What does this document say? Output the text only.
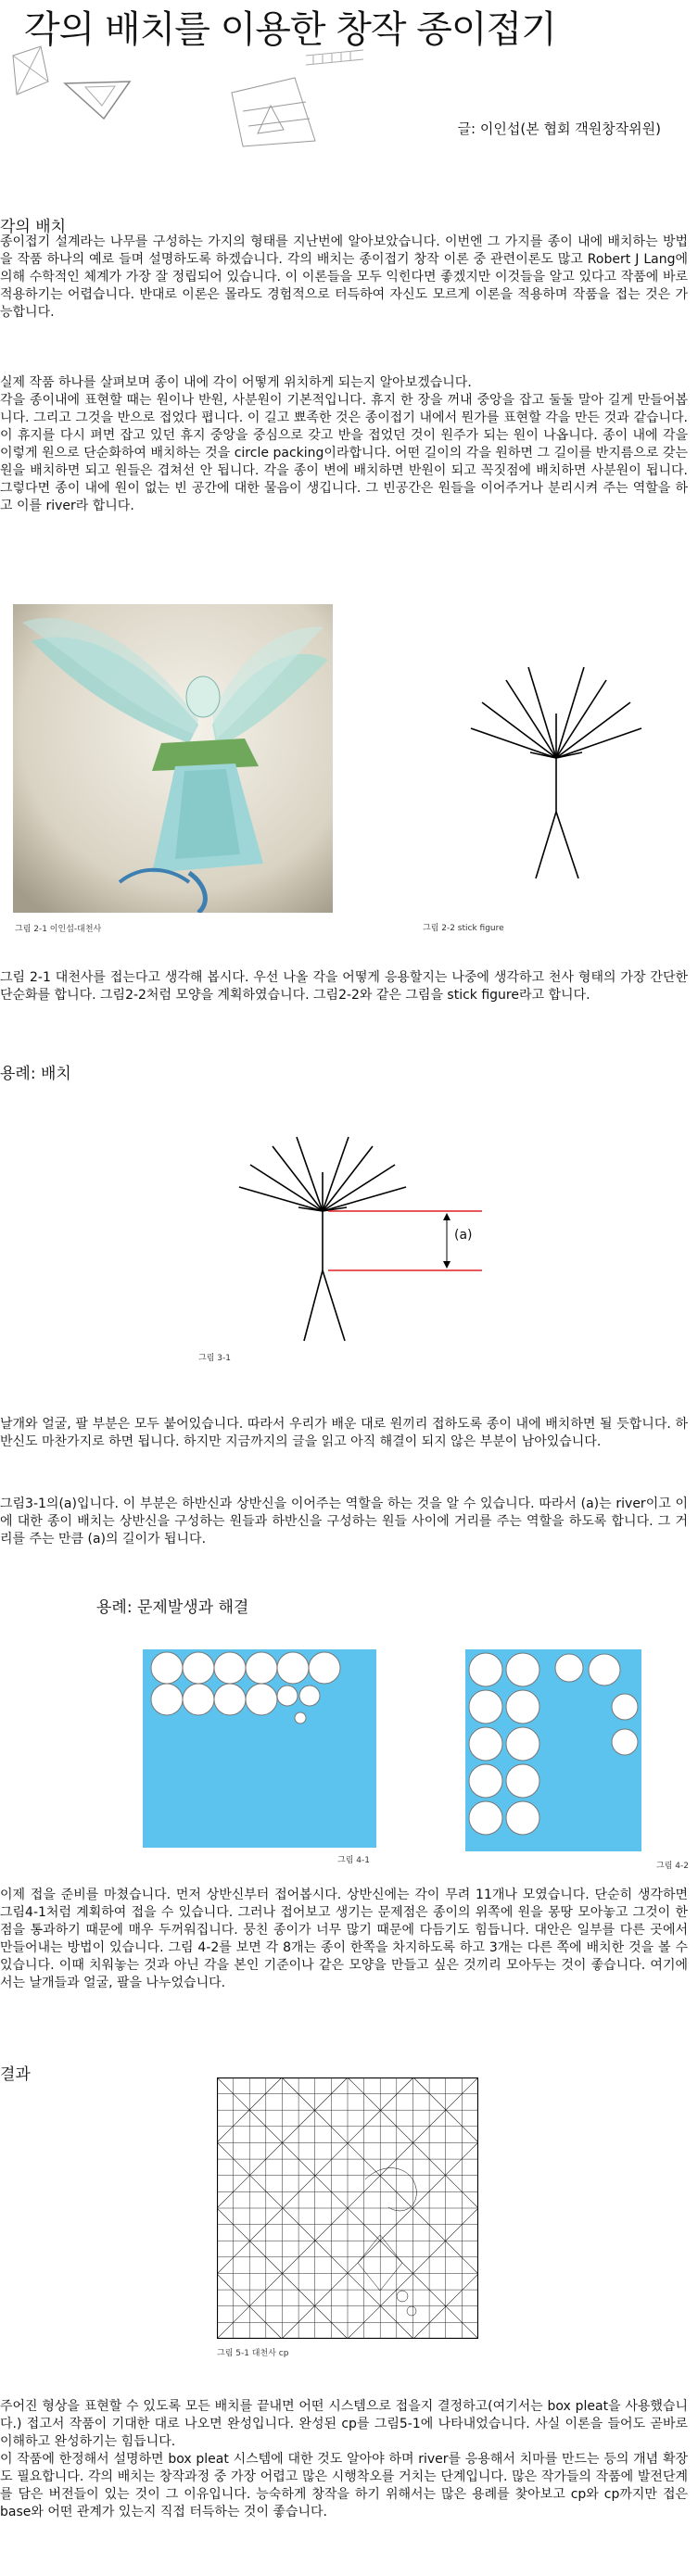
각의 배치를 이용한 창작 종이접기
글: 이인섭(본 협회 객원창작위원)
각의 배치

종이접기 설계라는 나무를 구성하는 가지의 형태를 지난번에 알아보았습니다. 이번엔 그 가지를 종이 내에 배치하는 방법을 작품 하나의 예로 들며 설명하도록 하겠습니다. 각의 배치는 종이접기 창작 이론 중 관련이론도 많고 Robert J Lang에 의해 수학적인 체계가 가장 잘 정립되어 있습니다. 이 이론들을 모두 익힌다면 좋겠지만 이것들을 알고 있다고 작품에 바로 적용하기는 어렵습니다. 반대로 이론은 몰라도 경험적으로 터득하여 자신도 모르게 이론을 적용하며 작품을 접는 것은 가능합니다.

실제 작품 하나를 살펴보며 종이 내에 각이 어떻게 위치하게 되는지 알아보겠습니다.

각을 종이내에 표현할 때는 원이나 반원, 사분원이 기본적입니다. 휴지 한 장을 꺼내 중앙을 잡고 둘둘 말아 길게 만들어봅니다. 그리고 그것을 반으로 접었다 폅니다. 이 길고 뾰족한 것은 종이접기 내에서 뭔가를 표현할 각을 만든 것과 같습니다. 이 휴지를 다시 펴면 잡고 있던 휴지 중앙을 중심으로 갖고 반을 접었던 것이 원주가 되는 원이 나옵니다. 종이 내에 각을 이렇게 원으로 단순화하여 배치하는 것을 circle packing이라합니다. 어떤 길이의 각을 원하면 그 길이를 반지름으로 갖는 원을 배치하면 되고 원들은 겹쳐선 안 됩니다. 각을 종이 변에 배치하면 반원이 되고 꼭짓점에 배치하면 사분원이 됩니다. 그렇다면 종이 내에 원이 없는 빈 공간에 대한 물음이 생깁니다. 그 빈공간은 원들을 이어주거나 분리시켜 주는 역할을 하고 이를 river라 합니다.

그림 2-1 이인섭-대천사	그림 2-2 stick figure

그림 2-1 대천사를 접는다고 생각해 봅시다. 우선 나올 각을 어떻게 응용할지는 나중에 생각하고 천사 형태의 가장 간단한 단순화를 합니다. 그림2-2처럼 모양을 계획하였습니다. 그림2-2와 같은 그림을 stick figure라고 합니다.

용례: 배치
(a)
그림 3-1

날개와 얼굴, 팔 부분은 모두 붙어있습니다. 따라서 우리가 배운 대로 원끼리 접하도록 종이 내에 배치하면 될 듯합니다. 하반신도 마찬가지로 하면 됩니다. 하지만 지금까지의 글을 읽고 아직 해결이 되지 않은 부분이 남아있습니다.

그림3-1의(a)입니다. 이 부분은 하반신과 상반신을 이어주는 역할을 하는 것을 알 수 있습니다. 따라서 (a)는 river이고 이에 대한 종이 배치는 상반신을 구성하는 원들과 하반신을 구성하는 원들 사이에 거리를 주는 역할을 하도록 합니다. 그 거리를 주는 만큼 (a)의 길이가 됩니다.

용례: 문제발생과 해결
그림 4-1
그림 4-2

이제 접을 준비를 마쳤습니다. 먼저 상반신부터 접어봅시다. 상반신에는 각이 무려 11개나 모였습니다. 단순히 생각하면 그림4-1처럼 계획하여 접을 수 있습니다. 그러나 접어보고 생기는 문제점은 종이의 위쪽에 원을 몽땅 모아놓고 그것이 한 점을 통과하기 때문에 매우 두꺼워집니다. 뭉친 종이가 너무 많기 때문에 다듬기도 힘듭니다. 대안은 일부를 다른 곳에서 만들어내는 방법이 있습니다. 그림 4-2를 보면 각 8개는 종이 한쪽을 차지하도록 하고 3개는 다른 쪽에 배치한 것을 볼 수 있습니다. 이때 치워놓는 것과 아닌 각을 본인 기준이나 같은 모양을 만들고 싶은 것끼리 모아두는 것이 좋습니다. 여기에서는 날개들과 얼굴, 팔을 나누었습니다.

결과
그림 5-1 대천사 cp

주어진 형상을 표현할 수 있도록 모든 배치를 끝내면 어떤 시스템으로 접을지 결정하고(여기서는 box pleat을 사용했습니다.) 접고서 작품이 기대한 대로 나오면 완성입니다. 완성된 cp를 그림5-1에 나타내었습니다. 사실 이론을 들어도 곧바로 이해하고 완성하기는 힘듭니다.

이 작품에 한정해서 설명하면 box pleat 시스템에 대한 것도 알아야 하며 river를 응용해서 치마를 만드는 등의 개념 확장도 필요합니다. 각의 배치는 창작과정 중 가장 어렵고 많은 시행착오를 거치는 단계입니다. 많은 작가들의 작품에 발전단계를 담은 버전들이 있는 것이 그 이유입니다. 능숙하게 창작을 하기 위해서는 많은 용례를 찾아보고 cp와 cp까지만 접은 base와 어떤 관계가 있는지 직접 터득하는 것이 좋습니다.
